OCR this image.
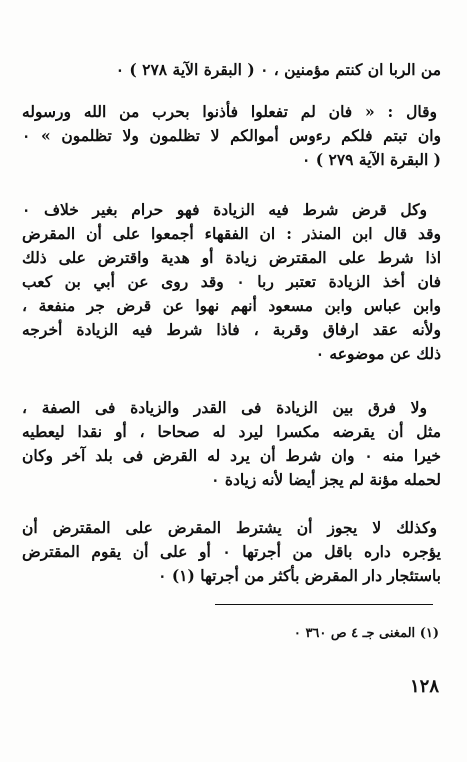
من الربا ان كنتم مؤمنين ، ٠ ( البقرة الآية ٢٧٨ ) ٠
وقال : « فان لم تفعلوا فأذنوا بحرب من الله ورسوله
وان تبتم فلكم رءوس أموالكم لا تظلمون ولا تظلمون » ٠
( البقرة الآية ٢٧٩ ) ٠
وكل قرض شرط فيه الزيادة فهو حرام بغير خلاف ٠
وقد قال ابن المنذر : ان الفقهاء أجمعوا على أن المقرض
اذا شرط على المقترض زيادة أو هدية واقترض على ذلك
فان أخذ الزيادة تعتبر ربا ٠ وقد روى عن أبي بن كعب
وابن عباس وابن مسعود أنهم نهوا عن قرض جر منفعة ،
ولأنه عقد ارفاق وقربة ، فاذا شرط فيه الزيادة أخرجه
ذلك عن موضوعه ٠
ولا فرق بين الزيادة فى القدر والزيادة فى الصفة ،
مثل أن يقرضه مكسرا ليرد له صحاحا ، أو نقدا ليعطيه
خيرا منه ٠ وان شرط أن يرد له القرض فى بلد آخر وكان
لحمله مؤنة لم يجز أيضا لأنه زيادة ٠
وكذلك لا يجوز أن يشترط المقرض على المقترض أن
يؤجره داره باقل من أجرتها ٠ أو على أن يقوم المقترض
باستئجار دار المقرض بأكثر من أجرتها (١) ٠
(١) المغنى جـ ٤ ص ٣٦٠ ٠
١٢٨
